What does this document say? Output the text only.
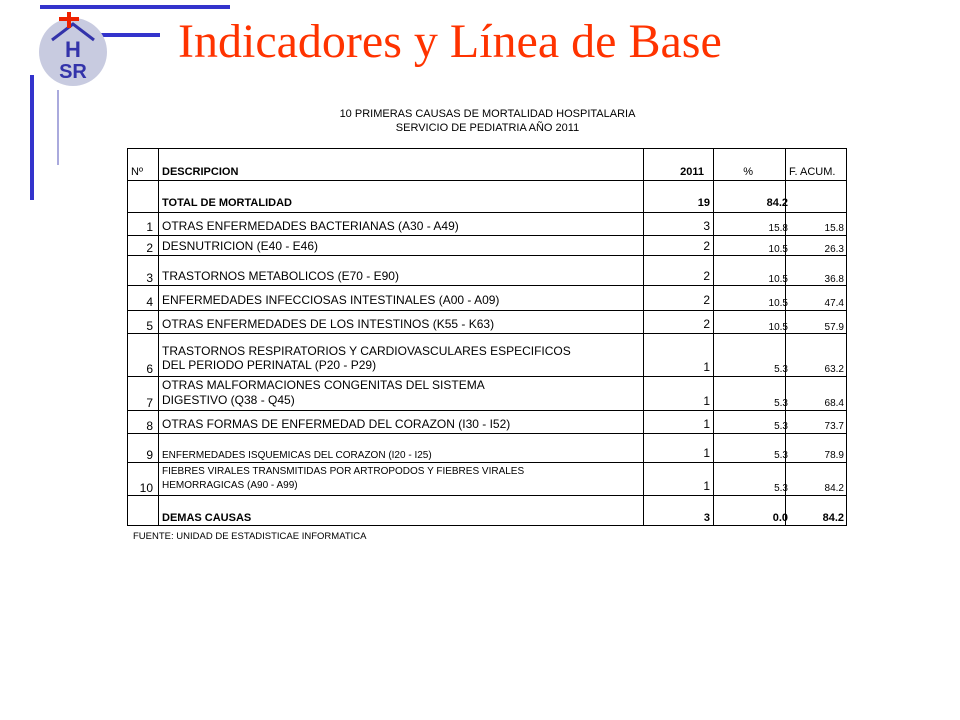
H
SR
Indicadores y Línea de Base
10 PRIMERAS CAUSAS DE MORTALIDAD HOSPITALARIA
SERVICIO DE PEDIATRIA AÑO 2011
Nº DESCRIPCION	2011	%	F. ACUM.
TOTAL DE MORTALIDAD	19	84.2
1 OTRAS ENFERMEDADES BACTERIANAS (A30 - A49)	3	15.8	15.8
2 DESNUTRICION (E40 - E46)	2	10.5	26.3
3 TRASTORNOS METABOLICOS (E70 - E90)	2	10.5	36.8
4 ENFERMEDADES INFECCIOSAS INTESTINALES (A00 - A09)	2	10.5	47.4
5 OTRAS ENFERMEDADES DE LOS INTESTINOS (K55 - K63)	2	10.5	57.9
TRASTORNOS RESPIRATORIOS Y CARDIOVASCULARES ESPECIFICOS
DEL PERIODO PERINATAL (P20 - P29)
6	1	5.3	63.2
OTRAS MALFORMACIONES CONGENITAS DEL SISTEMA
DIGESTIVO (Q38 - Q45)
7	1	5.3	68.4
8 OTRAS FORMAS DE ENFERMEDAD DEL CORAZON (I30 - I52)	1	5.3	73.7
9 ENFERMEDADES ISQUEMICAS DEL CORAZON (I20 - I25)	1	5.3	78.9
FIEBRES VIRALES TRANSMITIDAS POR ARTROPODOS Y FIEBRES VIRALES
HEMORRAGICAS (A90 - A99)
10	1	5.3	84.2
DEMAS CAUSAS	3	0.0	84.2
FUENTE: UNIDAD DE ESTADISTICAE INFORMATICA
